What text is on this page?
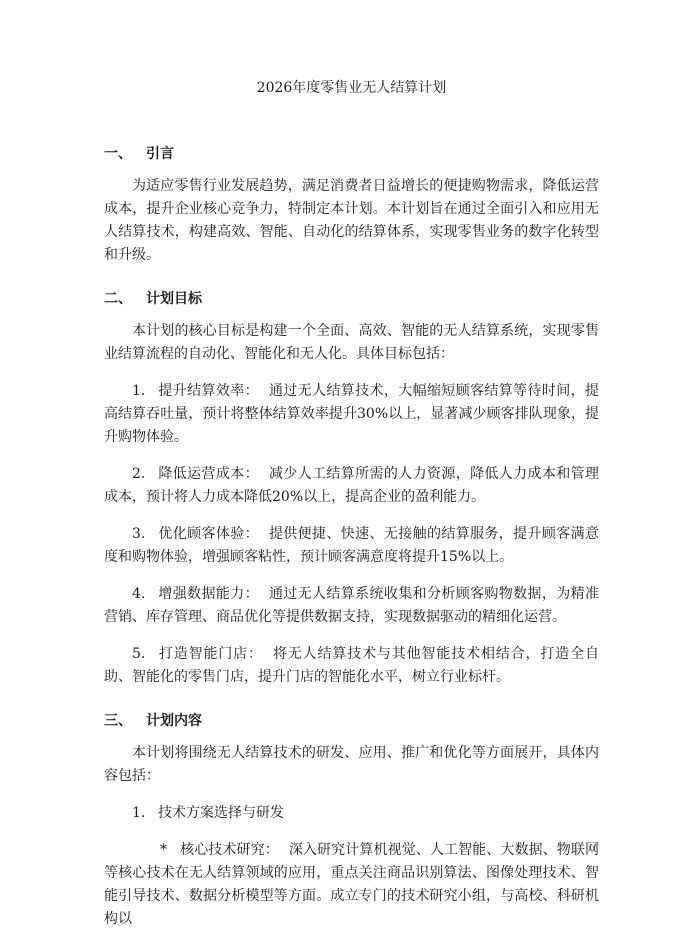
2026年度零售业无人结算计划
一、	引言

为适应零售行业发展趋势，满足消费者日益增长的便捷购物需求，降低运营成本，提升企业核心竞争力，特制定本计划。本计划旨在通过全面引入和应用无人结算技术，构建高效、智能、自动化的结算体系，实现零售业务的数字化转型和升级。

二、	计划目标

本计划的核心目标是构建一个全面、高效、智能的无人结算系统，实现零售业结算流程的自动化、智能化和无人化。具体目标包括：

1. 提升结算效率： 通过无人结算技术，大幅缩短顾客结算等待时间，提高结算吞吐量，预计将整体结算效率提升30%以上，显著减少顾客排队现象，提升购物体验。

2. 降低运营成本： 减少人工结算所需的人力资源，降低人力成本和管理成本，预计将人力成本降低20%以上，提高企业的盈利能力。

3. 优化顾客体验： 提供便捷、快速、无接触的结算服务，提升顾客满意度和购物体验，增强顾客粘性，预计顾客满意度将提升15%以上。

4. 增强数据能力： 通过无人结算系统收集和分析顾客购物数据，为精准营销、库存管理、商品优化等提供数据支持，实现数据驱动的精细化运营。

5. 打造智能门店： 将无人结算技术与其他智能技术相结合，打造全自助、智能化的零售门店，提升门店的智能化水平，树立行业标杆。

三、	计划内容

本计划将围绕无人结算技术的研发、应用、推广和优化等方面展开，具体内容包括：

1. 技术方案选择与研发

* 核心技术研究： 深入研究计算机视觉、人工智能、大数据、物联网等核心技术在无人结算领域的应用，重点关注商品识别算法、图像处理技术、智能引导技术、数据分析模型等方面。成立专门的技术研究小组，与高校、科研机构以
